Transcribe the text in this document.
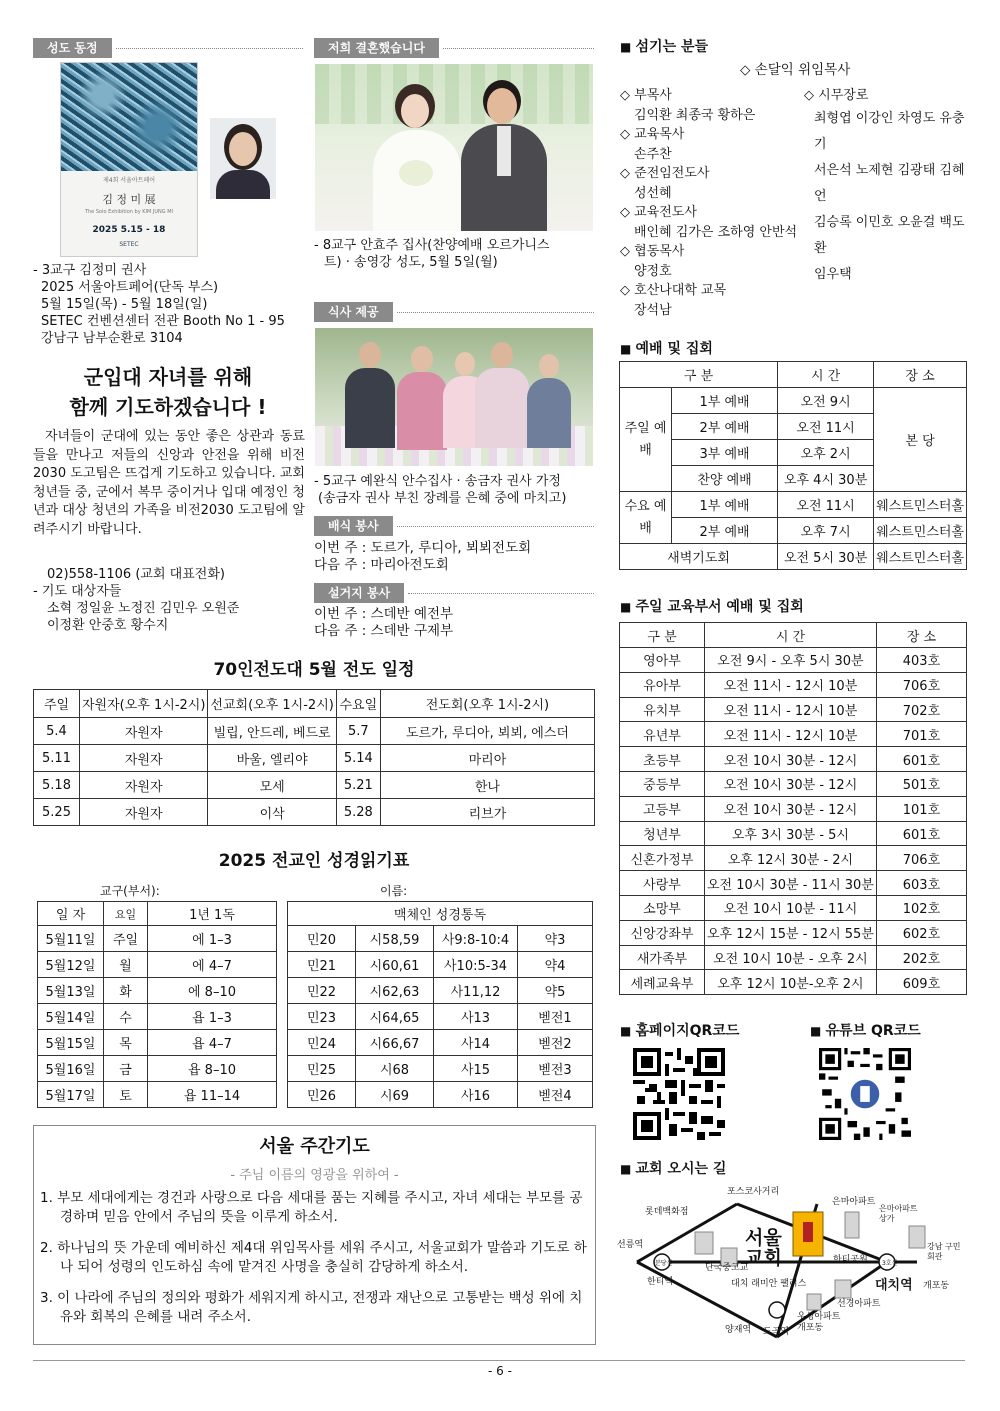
성도 동정
제4회 서울아트페어
김 정 미 展
The Solo Exhibition by KIM JUNG MI
2025 5.15 - 18
SETEC
- 3교구 김정미 권사
2025 서울아트페어(단독 부스)
5월 15일(목) - 5월 18일(일)
SETEC 컨벤션센터 전관 Booth No 1 - 95
강남구 남부순환로 3104
군입대 자녀를 위해
함께 기도하겠습니다 !
자녀들이 군대에 있는 동안 좋은 상관과 동료들을 만나고 저들의 신앙과 안전을 위해 비전2030 도고팀은 뜨겁게 기도하고 있습니다. 교회 청년들 중, 군에서 복무 중이거나 입대 예정인 청년과 대상 청년의 가족을 비전2030 도고팀에 알려주시기 바랍니다.
02)558-1106 (교회 대표전화)
- 기도 대상자들
소혁 정일윤 노정진 김민우 오원준
이정환 안중호 황수지
저희 결혼했습니다
- 8교구 안효주 집사(찬양예배 오르가니스
트) · 송영강 성도, 5월 5일(월)
식사 제공
- 5교구 예완식 안수집사 · 송금자 권사 가정
(송금자 권사 부친 장례를 은혜 중에 마치고)
배식 봉사
이번 주 : 도르가, 루디아, 뵈뵈전도회
다음 주 : 마리아전도회
설거지 봉사
이번 주 : 스데반 예전부
다음 주 : 스데반 구제부
70인전도대 5월 전도 일정
주일	자원자(오후 1시-2시)	선교회(오후 1시-2시)	수요일	전도회(오후 1시-2시)
5.4	자원자	빌립, 안드레, 베드로	5.7	도르가, 루디아, 뵈뵈, 에스더
5.11	자원자	바울, 엘리야	5.14	마리아
5.18	자원자	모세	5.21	한나
5.25	자원자	이삭	5.28	리브가
2025 전교인 성경읽기표
교구(부서):	이름:
일 자	요일	1년 1독
5월11일	주일	에 1–3
5월12일	월	에 4–7
5월13일	화	에 8–10
5월14일	수	욥 1–3
5월15일	목	욥 4–7
5월16일	금	욥 8–10
5월17일	토	욥 11–14
맥체인 성경통독			
민20	시58,59	사9:8-10:4	약3
민21	시60,61	사10:5-34	약4
민22	시62,63	사11,12	약5
민23	시64,65	사13	벧전1
민24	시66,67	사14	벧전2
민25	시68	사15	벧전3
민26	시69	사16	벧전4
서울 주간기도
- 주님 이름의 영광을 위하여 -
1. 부모 세대에게는 경건과 사랑으로 다음 세대를 품는 지혜를 주시고, 자녀 세대는 부모를 공경하며 믿음 안에서 주님의 뜻을 이루게 하소서.
2. 하나님의 뜻 가운데 예비하신 제4대 위임목사를 세워 주시고, 서울교회가 말씀과 기도로 하나 되어 성령의 인도하심 속에 맡겨진 사명을 충실히 감당하게 하소서.
3. 이 나라에 주님의 정의와 평화가 세워지게 하시고, 전쟁과 재난으로 고통받는 백성 위에 치유와 회복의 은혜를 내려 주소서.
■ 섬기는 분들
◇ 손달익 위임목사
◇ 부목사
김익환 최종국 황하은
◇ 교육목사
손주찬
◇ 준전임전도사
성선혜
◇ 교육전도사
배인혜 김가은 조하영 안반석
◇ 협동목사
양정호
◇ 호산나대학 교목
장석남
◇ 시무장로
최형엽 이강인 차영도 유충기
서은석 노제현 김광태 김혜언
김승록 이민호 오윤걸 백도환
임우택
■ 예배 및 집회
구 분		시 간	장 소
주일 예배	1부 예배	오전 9시	본 당
	2부 예배	오전 11시	
	3부 예배	오후 2시	
	찬양 예배	오후 4시 30분	
수요 예배	1부 예배	오전 11시	웨스트민스터홀
	2부 예배	오후 7시	웨스트민스터홀
새벽기도회		오전 5시 30분	웨스트민스터홀
■ 주일 교육부서 예배 및 집회
구 분	시 간	장 소
영아부	오전 9시 - 오후 5시 30분	403호
유아부	오전 11시 - 12시 10분	706호
유치부	오전 11시 - 12시 10분	702호
유년부	오전 11시 - 12시 10분	701호
초등부	오전 10시 30분 - 12시	601호
중등부	오전 10시 30분 - 12시	501호
고등부	오전 10시 30분 - 12시	101호
청년부	오후 3시 30분 - 5시	601호
신혼가정부	오후 12시 30분 - 2시	706호
사랑부	오전 10시 30분 - 11시 30분	603호
소망부	오전 10시 10분 - 11시	102호
신앙강좌부	오후 12시 15분 - 12시 55분	602호
새가족부	오전 10시 10분 - 오후 2시	202호
세례교육부	오후 12시 10분-오후 2시	609호
■ 홈페이지QR코드	■ 유튜브 QR코드
■ 교회 오시는 길
서울
교회
포스코사거리
롯데백화점
은마아파트
은마아파트 상가
선릉역
한티역
한티공원
대치역
강남 구민회관
단국중고교
대치 래미안 팰리스
선경아파트
개포동
우성아파트
개포동
양재역 도곡역
3호선
분당선
- 6 -
